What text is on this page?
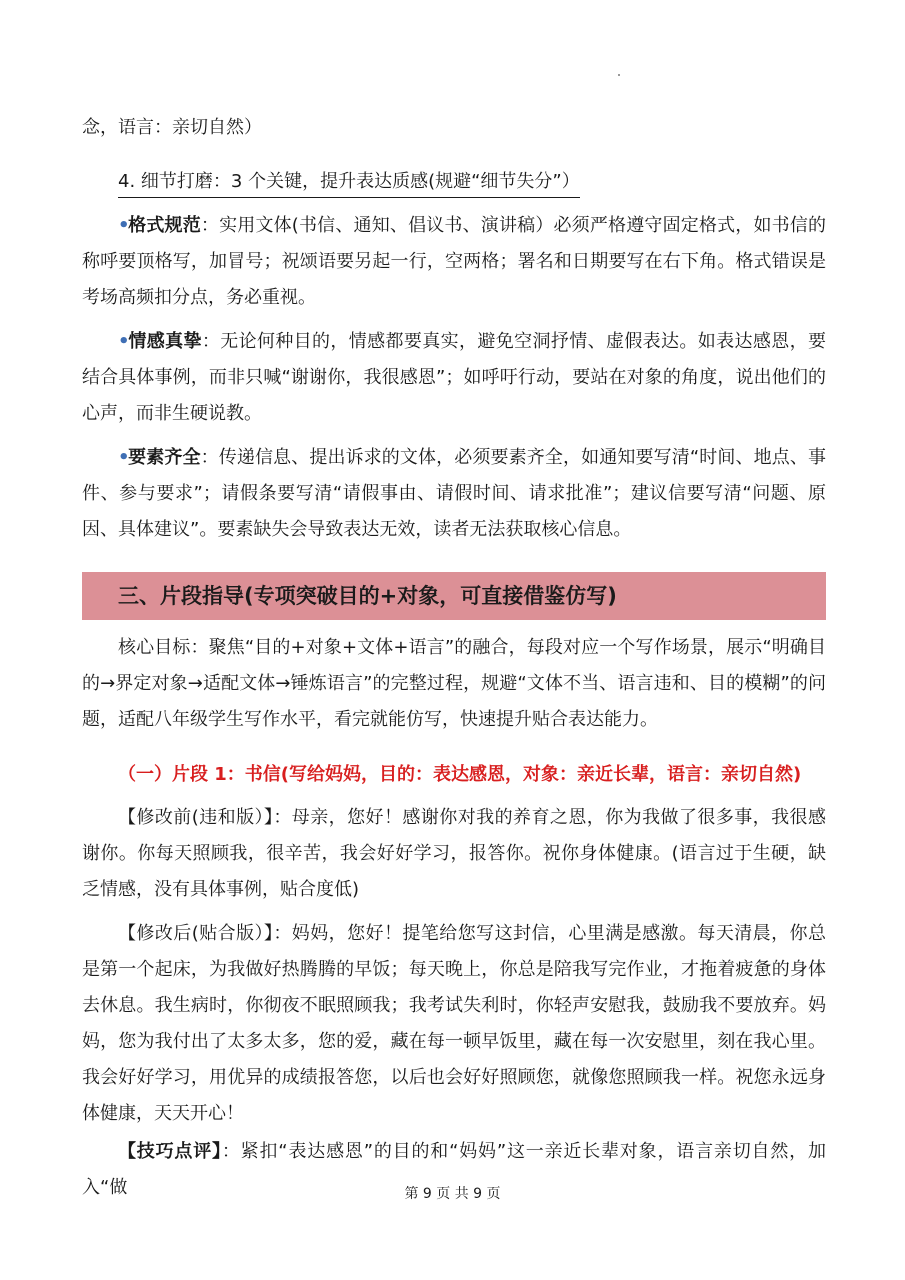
念，语言：亲切自然）

4. 细节打磨：3 个关键，提升表达质感(规避“细节失分”）

•格式规范：实用文体(书信、通知、倡议书、演讲稿）必须严格遵守固定格式，如书信的称呼要顶格写，加冒号；祝颂语要另起一行，空两格；署名和日期要写在右下角。格式错误是考场高频扣分点，务必重视。

•情感真挚：无论何种目的，情感都要真实，避免空洞抒情、虚假表达。如表达感恩，要结合具体事例，而非只喊“谢谢你，我很感恩”；如呼吁行动，要站在对象的角度，说出他们的心声，而非生硬说教。

•要素齐全：传递信息、提出诉求的文体，必须要素齐全，如通知要写清“时间、地点、事件、参与要求”；请假条要写清“请假事由、请假时间、请求批准”；建议信要写清“问题、原因、具体建议”。要素缺失会导致表达无效，读者无法获取核心信息。

三、片段指导(专项突破目的+对象，可直接借鉴仿写)

核心目标：聚焦“目的+对象+文体+语言”的融合，每段对应一个写作场景，展示“明确目的→界定对象→适配文体→锤炼语言”的完整过程，规避“文体不当、语言违和、目的模糊”的问题，适配八年级学生写作水平，看完就能仿写，快速提升贴合表达能力。

（一）片段 1：书信(写给妈妈，目的：表达感恩，对象：亲近长辈，语言：亲切自然)

【修改前(违和版）】：母亲，您好！感谢你对我的养育之恩，你为我做了很多事，我很感谢你。你每天照顾我，很辛苦，我会好好学习，报答你。祝你身体健康。(语言过于生硬，缺乏情感，没有具体事例，贴合度低)

【修改后(贴合版）】：妈妈，您好！提笔给您写这封信，心里满是感激。每天清晨，你总是第一个起床，为我做好热腾腾的早饭；每天晚上，你总是陪我写完作业，才拖着疲惫的身体去休息。我生病时，你彻夜不眠照顾我；我考试失利时，你轻声安慰我，鼓励我不要放弃。妈妈，您为我付出了太多太多，您的爱，藏在每一顿早饭里，藏在每一次安慰里，刻在我心里。我会好好学习，用优异的成绩报答您，以后也会好好照顾您，就像您照顾我一样。祝您永远身体健康，天天开心！

【技巧点评】：紧扣“表达感恩”的目的和“妈妈”这一亲近长辈对象，语言亲切自然，加入“做	第 9 页 共 9 页
